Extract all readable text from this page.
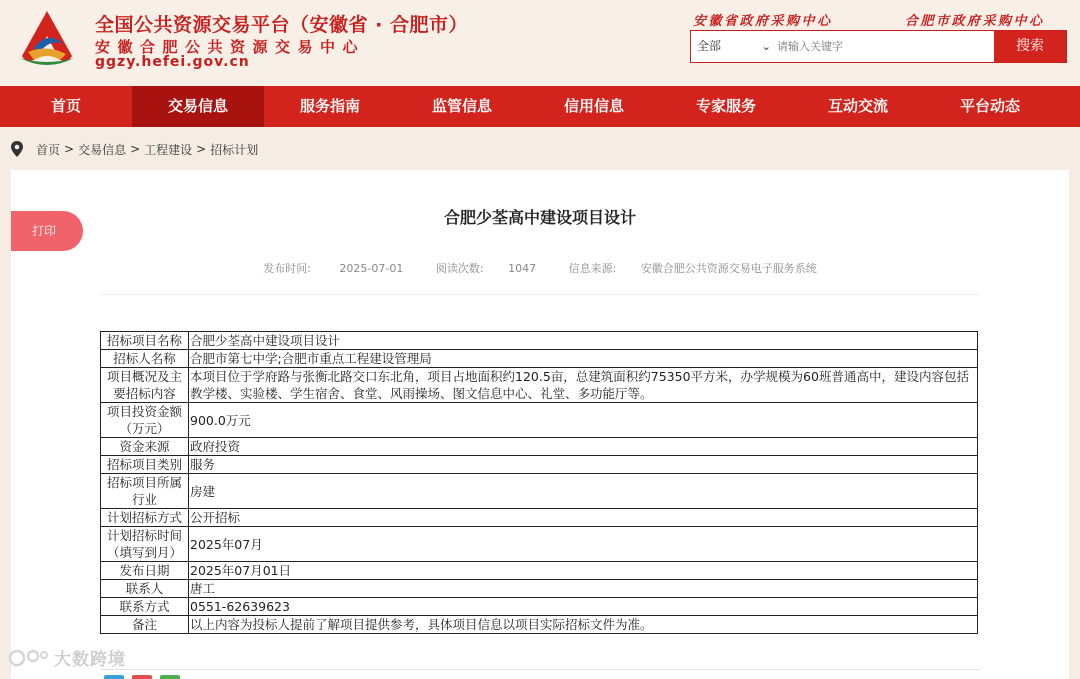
全国公共资源交易平台（安徽省 · 合肥市）
安徽合肥公共资源交易中心
ggzy.hefei.gov.cn
安徽省政府采购中心	合肥市政府采购中心
全部	⌄
请输入关键字	搜索
首页	交易信息	服务指南	监管信息	信用信息	专家服务	互动交流	平台动态
首页 > 交易信息 > 工程建设 > 招标计划
打印
合肥少荃高中建设项目设计
发布时间:	2025-07-01	阅读次数: 1047	信息来源: 安徽合肥公共资源交易电子服务系统
招标项目名称	合肥少荃高中建设项目设计
招标人名称	合肥市第七中学;合肥市重点工程建设管理局
项目概况及主要招标内容	本项目位于学府路与张衡北路交口东北角，项目占地面积约120.5亩，总建筑面积约75350平方米，办学规模为60班普通高中，建设内容包括教学楼、实验楼、学生宿舍、食堂、风雨操场、图文信息中心、礼堂、多功能厅等。
项目投资金额（万元）	900.0万元
资金来源	政府投资
招标项目类别	服务
招标项目所属行业	房建
计划招标方式	公开招标
计划招标时间（填写到月）	2025年07月
发布日期	2025年07月01日
联系人	唐工
联系方式	0551-62639623
备注	以上内容为投标人提前了解项目提供参考，具体项目信息以项目实际招标文件为准。
大数跨境
